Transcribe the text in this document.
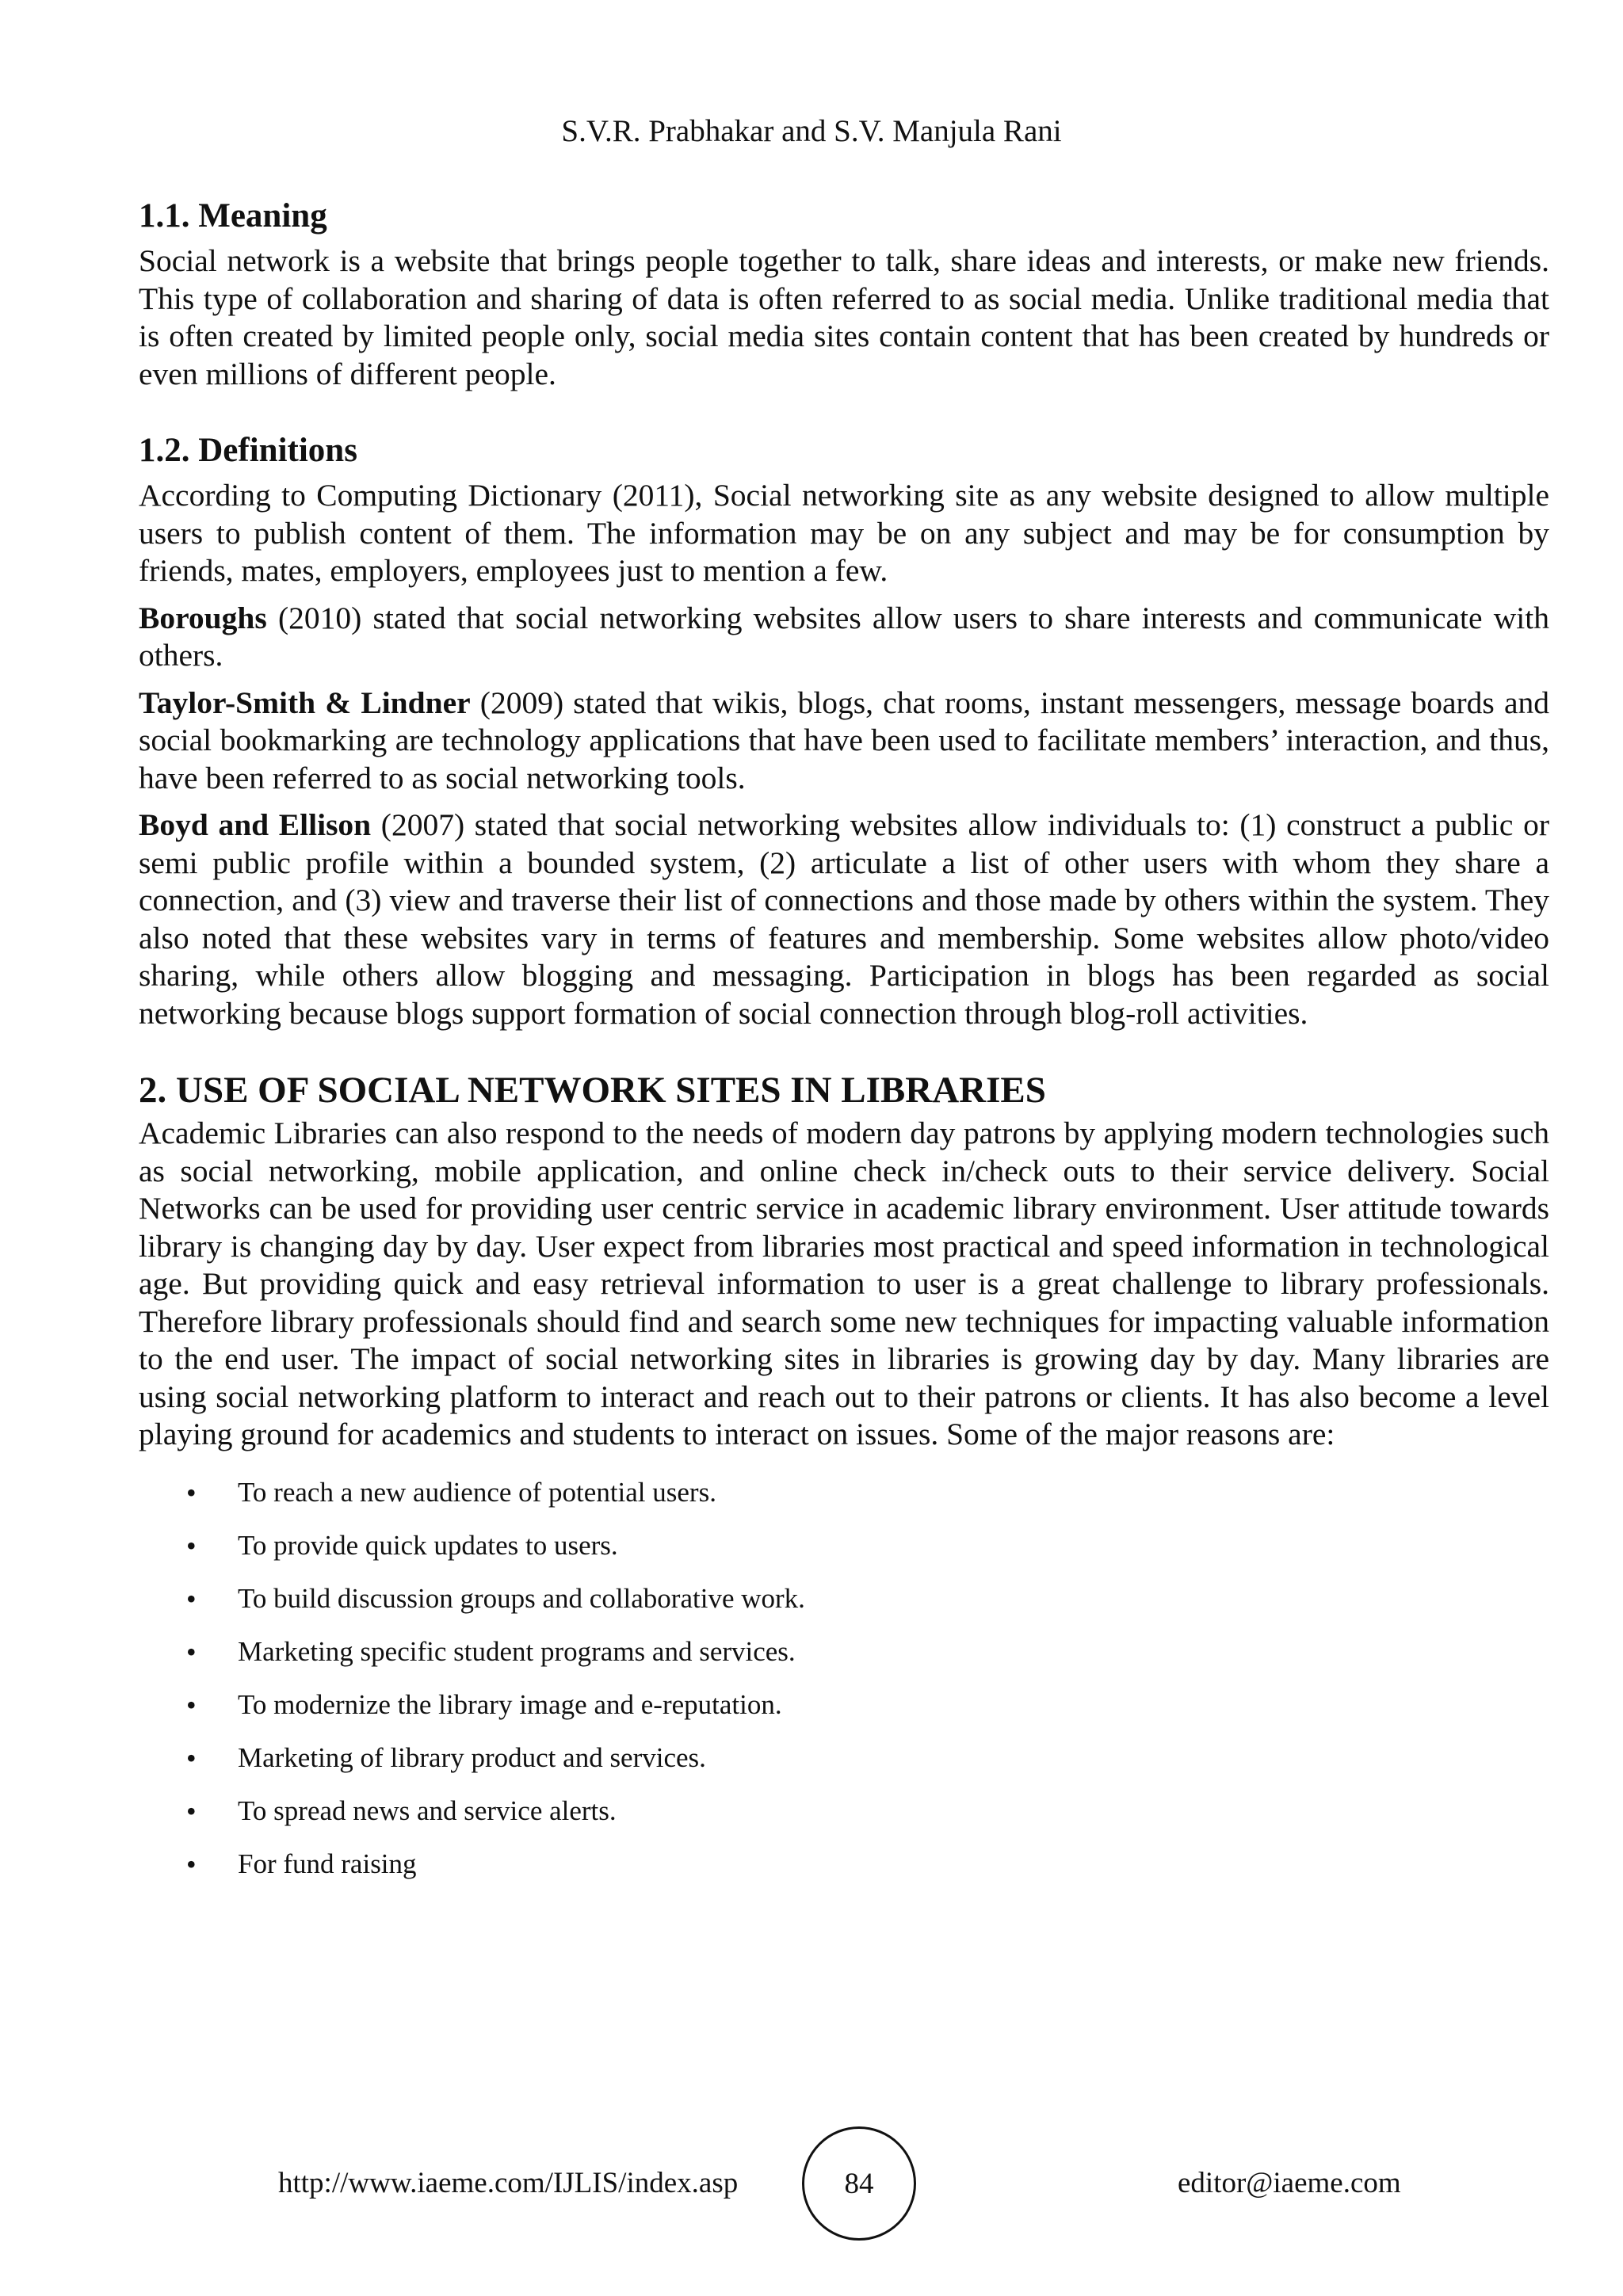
S.V.R. Prabhakar and S.V. Manjula Rani
1.1. Meaning

Social network is a website that brings people together to talk, share ideas and interests, or make new friends. This type of collaboration and sharing of data is often referred to as social media. Unlike traditional media that is often created by limited people only, social media sites contain content that has been created by hundreds or even millions of different people.

1.2. Definitions

According to Computing Dictionary (2011), Social networking site as any website designed to allow multiple users to publish content of them. The information may be on any subject and may be for consumption by friends, mates, employers, employees just to mention a few.

Boroughs (2010) stated that social networking websites allow users to share interests and communicate with others.

Taylor-Smith & Lindner (2009) stated that wikis, blogs, chat rooms, instant messengers, message boards and social bookmarking are technology applications that have been used to facilitate members’ interaction, and thus, have been referred to as social networking tools.

Boyd and Ellison (2007) stated that social networking websites allow individuals to: (1) construct a public or semi public profile within a bounded system, (2) articulate a list of other users with whom they share a connection, and (3) view and traverse their list of connections and those made by others within the system. They also noted that these websites vary in terms of features and membership. Some websites allow photo/video sharing, while others allow blogging and messaging. Participation in blogs has been regarded as social networking because blogs support formation of social connection through blog-roll activities.

2. USE OF SOCIAL NETWORK SITES IN LIBRARIES

Academic Libraries can also respond to the needs of modern day patrons by applying modern technologies such as social networking, mobile application, and online check in/check outs to their service delivery. Social Networks can be used for providing user centric service in academic library environment. User attitude towards library is changing day by day. User expect from libraries most practical and speed information in technological age. But providing quick and easy retrieval information to user is a great challenge to library professionals. Therefore library professionals should find and search some new techniques for impacting valuable information to the end user. The impact of social networking sites in libraries is growing day by day. Many libraries are using social networking platform to interact and reach out to their patrons or clients. It has also become a level playing ground for academics and students to interact on issues. Some of the major reasons are:

• To reach a new audience of potential users.
• To provide quick updates to users.
• To build discussion groups and collaborative work.
• Marketing specific student programs and services.
• To modernize the library image and e-reputation.
• Marketing of library product and services.
• To spread news and service alerts.
• For fund raising
http://www.iaeme.com/IJLIS/index.asp	84	editor@iaeme.com
